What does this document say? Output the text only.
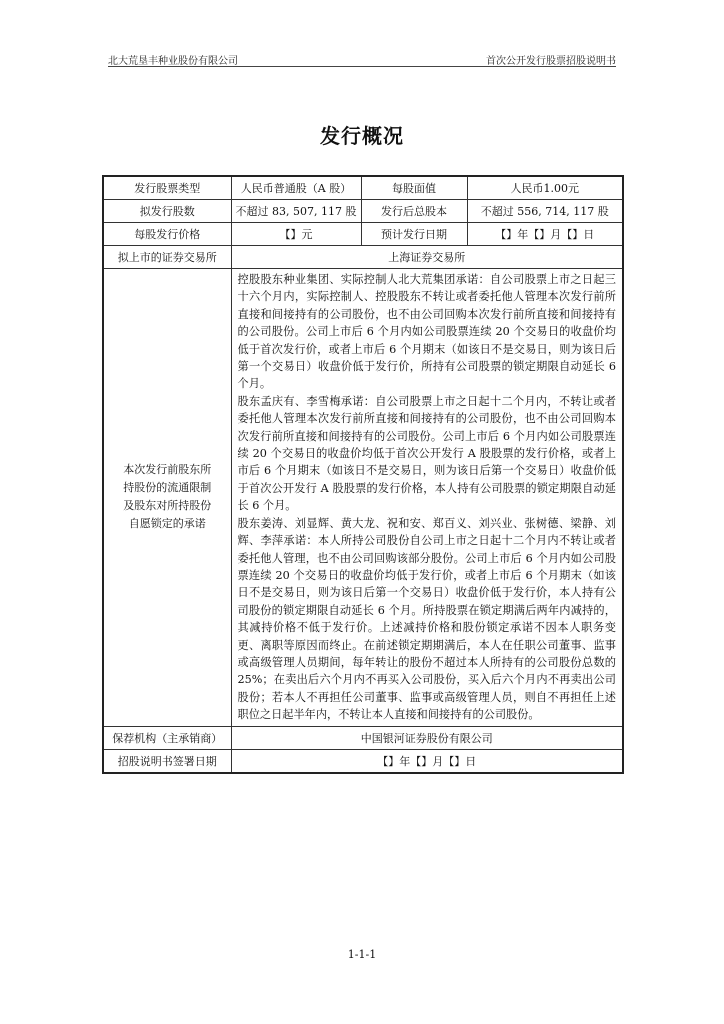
北大荒垦丰种业股份有限公司	首次公开发行股票招股说明书
发行概况
发行股票类型	人民币普通股（A 股）	每股面值	人民币1.00元
拟发行股数	不超过 83, 507, 117 股	发行后总股本	不超过 556, 714, 117 股
每股发行价格	【】元	预计发行日期	【】年【】月【】日
拟上市的证券交易所	上海证券交易所		
本次发行前股东所持股份的流通限制及股东对所持股份自愿锁定的承诺	控股股东种业集团、实际控制人北大荒集团承诺：自公司股票上市之日起三十六个月内，实际控制人、控股股东不转让或者委托他人管理本次发行前所直接和间接持有的公司股份，也不由公司回购本次发行前所直接和间接持有的公司股份。公司上市后 6 个月内如公司股票连续 20 个交易日的收盘价均低于首次发行价，或者上市后 6 个月期末（如该日不是交易日，则为该日后第一个交易日）收盘价低于发行价，所持有公司股票的锁定期限自动延长 6 个月。
股东孟庆有、李雪梅承诺：自公司股票上市之日起十二个月内，不转让或者委托他人管理本次发行前所直接和间接持有的公司股份，也不由公司回购本次发行前所直接和间接持有的公司股份。公司上市后 6 个月内如公司股票连续 20 个交易日的收盘价均低于首次公开发行 A 股股票的发行价格，或者上市后 6 个月期末（如该日不是交易日，则为该日后第一个交易日）收盘价低于首次公开发行 A 股股票的发行价格，本人持有公司股票的锁定期限自动延长 6 个月。
股东姜涛、刘显辉、黄大龙、祝和安、郑百义、刘兴业、张树德、梁静、刘辉、李萍承诺：本人所持公司股份自公司上市之日起十二个月内不转让或者委托他人管理，也不由公司回购该部分股份。公司上市后 6 个月内如公司股票连续 20 个交易日的收盘价均低于发行价，或者上市后 6 个月期末（如该日不是交易日，则为该日后第一个交易日）收盘价低于发行价，本人持有公司股份的锁定期限自动延长 6 个月。所持股票在锁定期满后两年内减持的，其减持价格不低于发行价。上述减持价格和股份锁定承诺不因本人职务变更、离职等原因而终止。在前述锁定期期满后，本人在任职公司董事、监事或高级管理人员期间，每年转让的股份不超过本人所持有的公司股份总数的 25%；在卖出后六个月内不再买入公司股份，买入后六个月内不再卖出公司股份；若本人不再担任公司董事、监事或高级管理人员，则自不再担任上述职位之日起半年内，不转让本人直接和间接持有的公司股份。		

保荐机构（主承销商）	中国银河证券股份有限公司		
招股说明书签署日期	【】年【】月【】日		
1-1-1
